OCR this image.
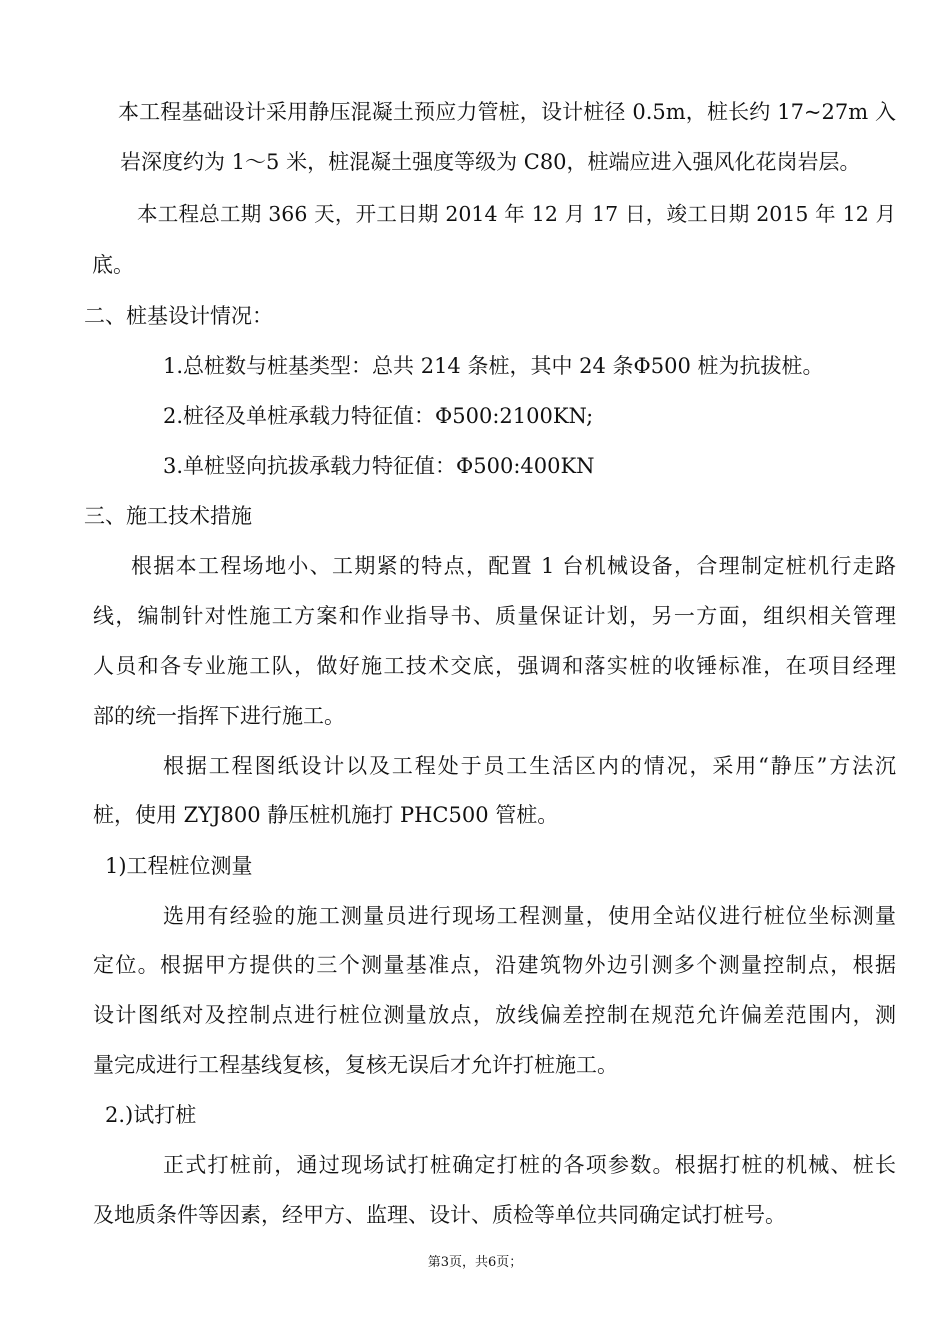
本工程基础设计采用静压混凝土预应力管桩，设计桩径 0.5m，桩长约 17~27m 入
岩深度约为 1～5 米，桩混凝土强度等级为 C80，桩端应进入强风化花岗岩层。
本工程总工期 366 天，开工日期 2014 年 12 月 17 日，竣工日期 2015 年 12 月
底。
二、桩基设计情况：
1.总桩数与桩基类型：总共 214 条桩，其中 24 条Φ500 桩为抗拔桩。
2.桩径及单桩承载力特征值：Φ500:2100KN;
3.单桩竖向抗拔承载力特征值：Φ500:400KN
三、施工技术措施
根据本工程场地小、工期紧的特点，配置 1 台机械设备，合理制定桩机行走路
线，编制针对性施工方案和作业指导书、质量保证计划，另一方面，组织相关管理
人员和各专业施工队，做好施工技术交底，强调和落实桩的收锤标准，在项目经理
部的统一指挥下进行施工。
根据工程图纸设计以及工程处于员工生活区内的情况，采用“静压”方法沉
桩，使用 ZYJ800 静压桩机施打 PHC500 管桩。
1)工程桩位测量
选用有经验的施工测量员进行现场工程测量，使用全站仪进行桩位坐标测量
定位。根据甲方提供的三个测量基准点，沿建筑物外边引测多个测量控制点，根据
设计图纸对及控制点进行桩位测量放点，放线偏差控制在规范允许偏差范围内，测
量完成进行工程基线复核，复核无误后才允许打桩施工。
2.)试打桩
正式打桩前，通过现场试打桩确定打桩的各项参数。根据打桩的机械、桩长
及地质条件等因素，经甲方、监理、设计、质检等单位共同确定试打桩号。
第3页，共6页；
